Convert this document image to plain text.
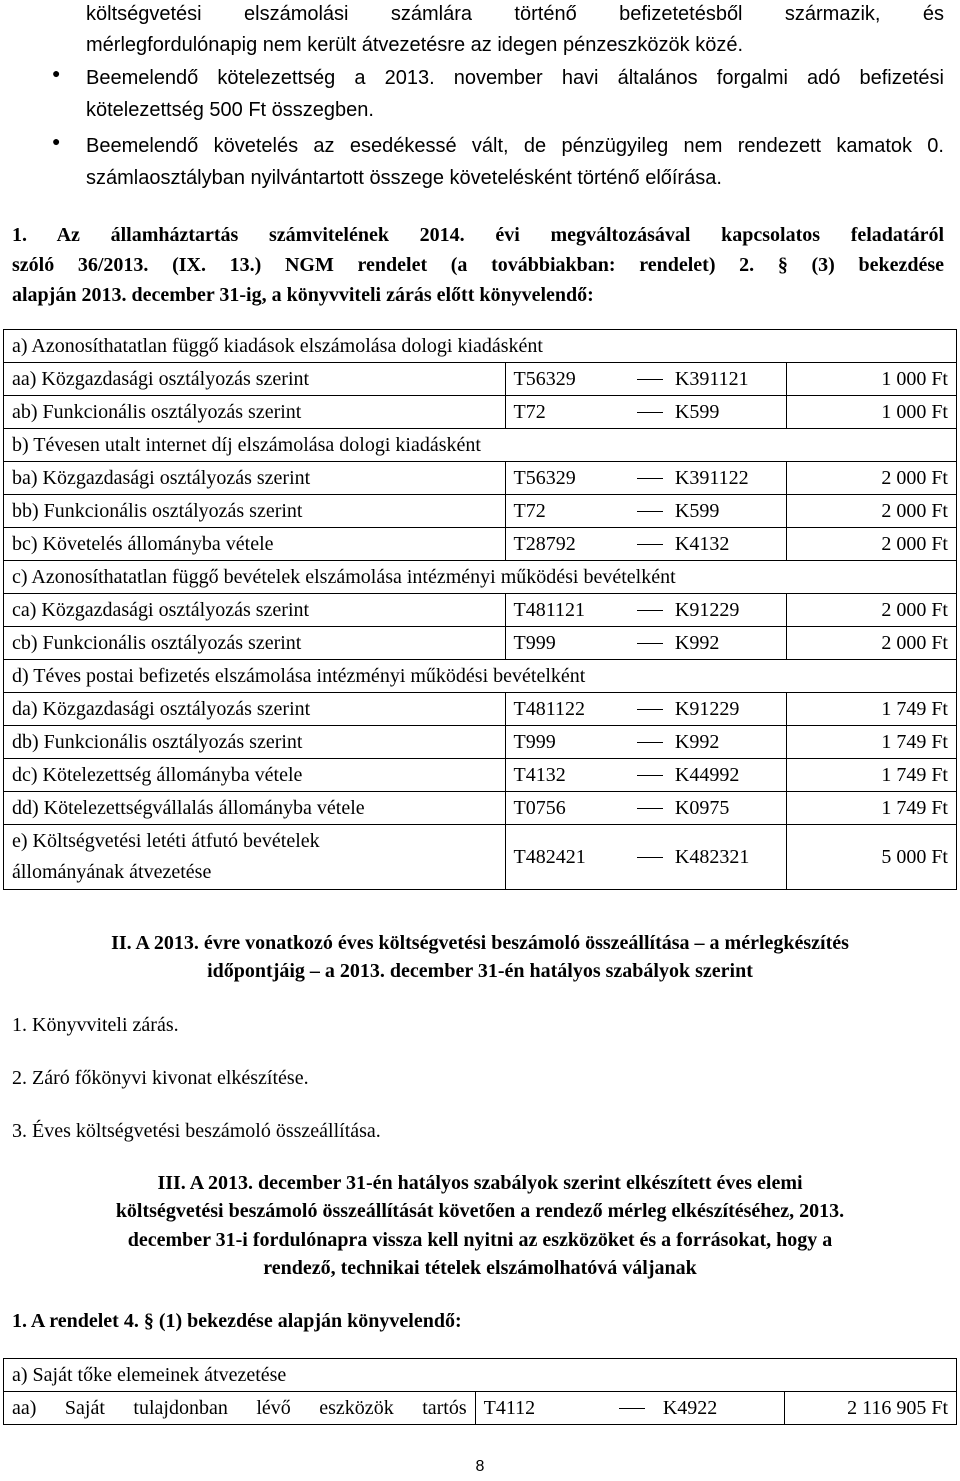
költségvetési elszámolási számlára történő befizetetésből származik, és
mérlegfordulónapig nem került átvezetésre az idegen pénzeszközök közé.
● Beemelendő kötelezettség a 2013. november havi általános forgalmi adó befizetési
kötelezettség 500 Ft összegben.
● Beemelendő követelés az esedékessé vált, de pénzügyileg nem rendezett kamatok 0.
számlaosztályban nyilvántartott összege követelésként történő előírása.
1. Az államháztartás számvitelének 2014. évi megváltozásával kapcsolatos feladatáról
szóló 36/2013. (IX. 13.) NGM rendelet (a továbbiakban: rendelet) 2. § (3) bekezdése
alapján 2013. december 31-ig, a könyvviteli zárás előtt könyvelendő:
a) Azonosíthatatlan függő kiadások elszámolása dologi kiadásként				
aa) Közgazdasági osztályozás szerint	T56329		K391121	1 000 Ft
ab) Funkcionális osztályozás szerint	T72		K599	1 000 Ft
b) Tévesen utalt internet díj elszámolása dologi kiadásként				
ba) Közgazdasági osztályozás szerint	T56329		K391122	2 000 Ft
bb) Funkcionális osztályozás szerint	T72		K599	2 000 Ft
bc) Követelés állományba vétele	T28792		K4132	2 000 Ft
c) Azonosíthatatlan függő bevételek elszámolása intézményi működési bevételként				
ca) Közgazdasági osztályozás szerint	T481121		K91229	2 000 Ft
cb) Funkcionális osztályozás szerint	T999		K992	2 000 Ft
d) Téves postai befizetés elszámolása intézményi működési bevételként				
da) Közgazdasági osztályozás szerint	T481122		K91229	1 749 Ft
db) Funkcionális osztályozás szerint	T999		K992	1 749 Ft
dc) Kötelezettség állományba vétele	T4132		K44992	1 749 Ft
dd) Kötelezettségvállalás állományba vétele	T0756		K0975	1 749 Ft

e) Költségvetési letéti átfutó bevételek
állományának átvezetése	T482421		K482321	5 000 Ft
II. A 2013. évre vonatkozó éves költségvetési beszámoló összeállítása – a mérlegkészítés
időpontjáig – a 2013. december 31-én hatályos szabályok szerint
1. Könyvviteli zárás.
2. Záró főkönyvi kivonat elkészítése.
3. Éves költségvetési beszámoló összeállítása.
III. A 2013. december 31-én hatályos szabályok szerint elkészített éves elemi
költségvetési beszámoló összeállítását követően a rendező mérleg elkészítéséhez, 2013.
december 31-i fordulónapra vissza kell nyitni az eszközöket és a forrásokat, hogy a
rendező, technikai tételek elszámolhatóvá váljanak
1. A rendelet 4. § (1) bekezdése alapján könyvelendő:
a) Saját tőke elemeinek átvezetése
aa) Saját tulajdonban lévő eszközök tartós	T4112		K4922	2 116 905 Ft
8
